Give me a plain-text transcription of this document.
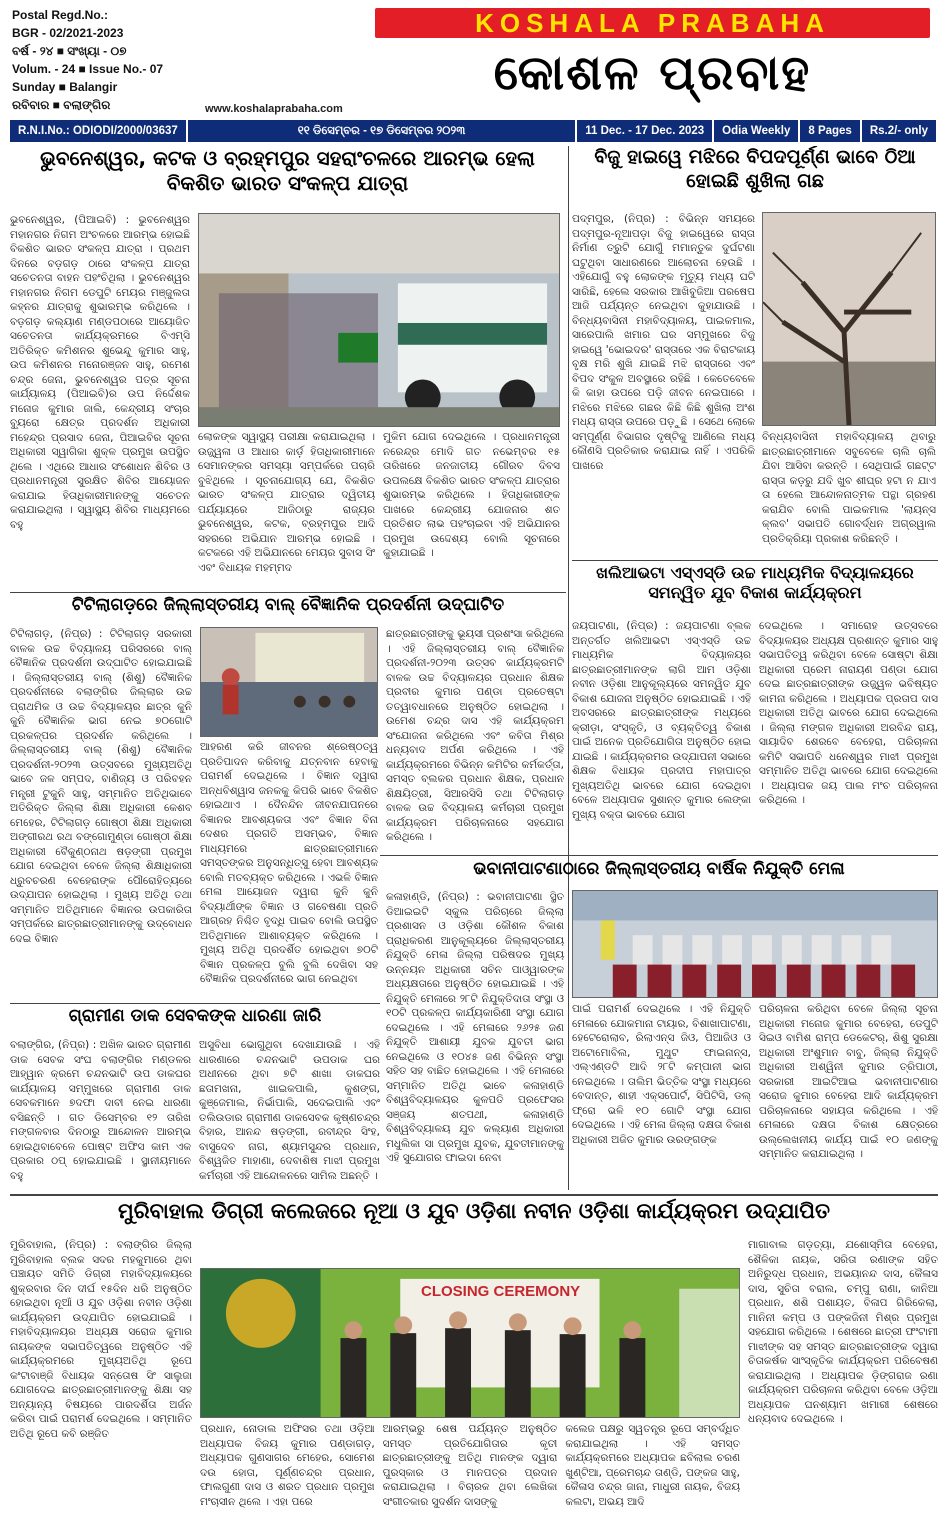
Postal Regd.No.:
BGR - 02/2021-2023
ବର୍ଷ - ୨୪ ■ ସଂଖ୍ୟା - ୦୭
Volum. - 24 ■ Issue No.- 07
Sunday ■ Balangir
ରବିବାର ■ ବଲାଙ୍ଗିର
KOSHALA PRABAHA
କୋଶଳ ପ୍ରବାହ
www.koshalaprabaha.com
R.N.I.No.: ODIODI/2000/03637	୧୧ ଡିସେମ୍ବର - ୧୭ ଡିସେମ୍ବର ୨୦୨୩	11 Dec. - 17 Dec. 2023	Odia Weekly	8 Pages	Rs.2/- only
ଭୁବନେଶ୍ୱର, କଟକ ଓ ବ୍ରହ୍ମପୁର ସହରାଂଚଳରେ ଆରମ୍ଭ ହେଲା ବିକଶିତ ଭାରତ ସଂକଳ୍ପ ଯାତ୍ରା
ଭୁବନେଶ୍ୱର, (ପିଆଇବି) : ଭୁବନେଶ୍ୱର ମହାନଗର ନିଗମ ଅଂଚଳରେ ଆରମ୍ଭ ହୋଇଛି ବିକଶିତ ଭାରତ ସଂକଳ୍ପ ଯାତ୍ରା । ପ୍ରଥମ ଦିନରେ ବଡ଼ଗଡ଼ ଠାରେ ସଂକଳ୍ପ ଯାତ୍ରା ସଚେତନତା ବାହନ ପହଂଚିଥିଲା । ଭୁବନେଶ୍ୱର ମହାନଗର ନିଗମ ଡେପୁଟି ମେୟର ମଞ୍ଜୁଲତା କହ୍ନର ଯାତ୍ରାକୁ ଶୁଭାରମ୍ଭ କରିଥିଲେ । ବଡ଼ଗଡ଼ କଲ୍ୟାଣ ମଣ୍ଡପଠାରେ ଆୟୋଜିତ ସଚେତନତା କାର୍ଯ୍ୟକ୍ରମରେ ବିଏମ୍‌ସି ଅତିରିକ୍ତ କମିଶନର ଶୁଭେନ୍ଦୁ କୁମାର ସାହୁ, ଉପ କମିଶନର ମନୋରଞ୍ଜନ ସାହୁ, ରମେଶ ଚନ୍ଦ୍ର ଜେନା, ଭୁବନେଶ୍ୱର ପତ୍ର ସୂଚନା କାର୍ଯ୍ୟାଳୟ (ପିଆଇବି)ର ଉପ ନିର୍ଦ୍ଦେଶକ ମନୋଜ କୁମାର ଜାଲି, କେନ୍ଦ୍ରୀୟ ସଂଚାର ବ୍ୟୁରୋ କ୍ଷେତ୍ର ପ୍ରଦର୍ଶନ ଅଧିକାରୀ ମହେନ୍ଦ୍ର ପ୍ରସାଦ ଜେନା, ପିଆଇବିର ସୂଚନା ଅଧିକାରୀ ସ୍ୱାଗିକା ଶୁକ୍ଳ ପ୍ରମୁଖ ଉପସ୍ଥିତ ଥିଲେ । ଏଥିରେ ଆଧାର ସଂଶୋଧନ ଶିବିର ଓ ପ୍ରଧାନମନ୍ତ୍ରୀ ସୁରକ୍ଷିତ ଶିବିର ଆୟୋଜନ କରାଯାଇ ହିତାଧିକାରୀମାନଙ୍କୁ ସଚେତନ କରାଯାଇଥିଲା । ସ୍ୱାସ୍ଥ୍ୟ ଶିବିର ମାଧ୍ୟମରେ ବହୁ
ଲୋକଙ୍କ ସ୍ୱାସ୍ଥ୍ୟ ପରୀକ୍ଷା କରାଯାଇଥିଲା । ଉଜ୍ଜ୍ୱଳା ଓ ଆଧାର କାର୍ଡ଼ ହିତାଧିକାରୀମାନେ ସେମାନଙ୍କର ସମସ୍ୟା ସମ୍ପର୍କରେ ପଚାରି ବୁଝିଥିଲେ । ସୂଚନାଯୋଗ୍ୟ ଯେ, ବିକଶିତ ଭାରତ ସଂକଳ୍ପ ଯାତ୍ରାର ଦ୍ୱିତୀୟ ପର୍ଯ୍ୟାୟରେ ଆଜିଠାରୁ ରାଜ୍ୟର ଭୁବନେଶ୍ୱର, କଟକ, ବ୍ରହ୍ମପୁର ଆଦି ସହରରେ ଅଭିଯାନ ଆରମ୍ଭ ହୋଇଛି । କଟକରେ ଏହି ଅଭିଯାନରେ ମେୟର ସୁବାସ ସିଂ ଏବଂ ବିଧାୟକ ମହମ୍ମଦ
ମୁକିମ ଯୋଗ ଦେଇଥିଲେ । ପ୍ରଧାନମନ୍ତ୍ରୀ ନରେନ୍ଦ୍ର ମୋଦି ଗତ ନଭେମ୍ବର ୧୫ ତାରିଖରେ ଜନଜାତୀୟ ଗୌରବ ଦିବସ ଉପଲକ୍ଷେ ବିକଶିତ ଭାରତ ସଂକଳ୍ପ ଯାତ୍ରାର ଶୁଭାରମ୍ଭ କରିଥିଲେ । ହିତାଧିକାରୀଙ୍କ ପାଖରେ କେନ୍ଦ୍ରୀୟ ଯୋଜନାର ଶତ ପ୍ରତିଶତ ଲାଭ ପହଂଚାଇବା ଏହି ଅଭିଯାନର ପ୍ରମୁଖ ଉଦ୍ଦେଶ୍ୟ ବୋଲି ସୂଚନାରେ କୁହାଯାଇଛି ।
ବିଜୁ ହାଇୱେ ମଝିରେ ବିପଦପୂର୍ଣ୍ଣ ଭାବେ ଠିଆ ହୋଇଛି ଶୁଖିଲା ଗଛ
ପଦ୍ମପୁର, (ନିପ୍ର) : ବିଭିନ୍ନ ସମୟରେ ପଦ୍ମପୁର-ନୂଆପଡ଼ା ବିଜୁ ହାଇୱେରେ ରାସ୍ତା ନିର୍ମାଣ ତ୍ରୁଟି ଯୋଗୁଁ ମମାନ୍ତୁକ ଦୁର୍ଘଟଣା ଘଟୁଥିବା ସାଧାରଣରେ ଆଲୋଚନା ହେଉଛି । ଏହିଯୋଗୁଁ ବହୁ ଲୋକଙ୍କ ମୃତ୍ୟୁ ମଧ୍ୟ ଘଟି ସାରିଛି, ହେଲେ ସରକାର ଆଖିବୁଜିଆ ପରଷେପ ଆଜି ପର୍ଯ୍ୟନ୍ତ ନେଇଥିବା କୁହାଯାଉଛି । ବିନ୍ଧ୍ୟବାସିନୀ ମହାବିଦ୍ୟାଳୟ, ପାଇକମାଲ, ସାରେପାଲି ଖମାର ଘର ସମ୍ମୁଖରେ ବିଜୁ ହାଇୱେ 'ଭୋଇଦର' ରାସ୍ତାରେ ଏକ ବିରାଟକାୟ ବୃକ୍ଷ ମରି ଶୁଖି ଯାଇଛି ମଝି ରାସ୍ତାରେ ଏବଂ ବିପଦ ସଂକୁଳ ଅବସ୍ଥାରେ ରହିଛି । କେତେବେଳେ କି କାହା ଉପରେ ପଡ଼ି ଜୀବନ ନେଇପାରେ । ମଝିରେ ମଝିରେ ଗଛର କିଛି କିଛି ଶୁଖିଲା ଅଂଶ ମଧ୍ୟ ରାସ୍ତା ଉପରେ ପଡ଼ୁଛି । ସେଥେ ଲୋକେ ସମ୍ପୂର୍ଣ୍ଣ ବିଭାଗର ଦୃଷ୍ଟିକୁ ଆଣିଲେ ମଧ୍ୟ କୌଣସି ପ୍ରତିକାର କରାଯାଇ ନାହିଁ । ଏପରିକି ପାଖରେ
ବିନ୍ଧ୍ୟବାସିନୀ ମହାବିଦ୍ୟାଳୟ ଥିବାରୁ ଛାତ୍ରଛାତ୍ରୀମାନେ ସବୁବେଳେ ଚାଲି ଚାଲି ଯିବା ଆସିବା କରନ୍ତି । ସେଥିପାଇଁ ଗଛଟ୍ଟ ରାସ୍ତା କଡ଼ରୁ ଯଦି ଖୁବ ଶୀଘ୍ର ହଟା ନ ଯାଏ ତା ହେଲେ ଆନ୍ଦୋଳନାତ୍ମକ ପନ୍ଥା ଗ୍ରହଣ କରାଯିବ ବୋଲି ପାଇକମାଲ 'ଲାୟନ୍ସ କ୍ଲବ' ସଭାପତି ଗୋବର୍ଦ୍ଧନ ଅଗ୍ରୱାଲ ପ୍ରତିକ୍ରିୟା ପ୍ରକାଶ କରିଛନ୍ତି ।
ଖଲିଆଭଟା ଏସ୍‌ଏସ୍‌ଡି ଉଚ୍ଚ ମାଧ୍ୟମିକ ବିଦ୍ୟାଳୟରେ ସମନ୍ୱିତ ଯୁବ ବିକାଶ କାର୍ଯ୍ୟକ୍ରମ
ଜୟପାଟଣା, (ନିପ୍ର) : ଜୟପାଟଣା ବ୍ଲକ ଅନ୍ତର୍ଗତ ଖଲିଆଭଟା ଏସ୍‌ଏସ୍‌ଡି ଉଚ୍ଚ ମାଧ୍ୟମିକ ବିଦ୍ୟାଳୟର ଛାତ୍ରଛାତ୍ରୀମାନଙ୍କ ଲାଗି ଆମ ଓଡ଼ିଶା ନବୀନ ଓଡ଼ିଶା ଆନୁକୂଲ୍ୟରେ ସମନ୍ୱିତ ଯୁବ ବିକାଶ ଯୋଜନା ଅନୁଷ୍ଠିତ ହୋଇଯାଇଛି । ଏହି ଅବସରରେ ଛାତ୍ରଛାତ୍ରୀଙ୍କ ମଧ୍ୟରେ କ୍ରୀଡ଼ା, ସଂସ୍କୃତି, ଓ ବ୍ୟକ୍ତିତ୍ୱ ବିକାଶ ପାଇଁ ଅନେକ ପ୍ରତିଯୋଗିତା ଅନୁଷ୍ଠିତ ହୋଇ ଯାଇଛି । କାର୍ଯ୍ୟକ୍ରମର ଉଦ୍‌ଯାପନୀ ସଭାରେ ଶିକ୍ଷକ ବିଧାୟକ ପ୍ରଦୀପ ମହାପାତ୍ର ମୁଖ୍ୟଅତିଥି ଭାବରେ ଯୋଗ ଦେଇଥିବା ବେଳେ ଅଧ୍ୟାପକ ସୁଶାନ୍ତ କୁମାର ଲେଙ୍କା ମୁଖ୍ୟ ବକ୍ତା ଭାବରେ ଯୋଗ
ଦେଇଥିଲେ । ସମାରୋହ ଉତ୍ସବରେ ବିଦ୍ୟାଳୟର ଅଧ୍ୟକ୍ଷ ପ୍ରଶାନ୍ତ କୁମାର ସାହୁ ସଭାପତିତ୍ୱ କରିଥିବା ବେଳେ ସୋଷ୍ଟା ଶିକ୍ଷା ଅଧିକାରୀ ପ୍ରେମ ନାରାୟଣ ପଣ୍ଡା ଯୋଗ ଦେଇ ଛାତ୍ରଛାତ୍ରୀଙ୍କ ଉଜ୍ଜ୍ୱଳ ଭବିଷ୍ୟତ କାମନା କରିଥିଲେ । ଅଧ୍ୟାପକ ପ୍ରତାପ ଦାସ ଅଧିକାରୀ ଅତିଥି ଭାବରେ ଯୋଗ ଦେଇଥିଲେ । ଜିଲ୍ଲା ମଙ୍ଗଳ ଅଧିକାରୀ ଅରବିନ୍ଦ ରାୟ, ସାୟାଦିବ ଶେରବେ ବେହେରା, ପରିଚାଳନା କମିଟି ସଭାପତି ଧନେଶ୍ୱର ମାଝୀ ପ୍ରମୁଖ ସମ୍ମାନିତ ଅତିଥି ଭାବରେ ଯୋଗ ଦେଇଥିଲେ । ଅଧ୍ୟାପକ ଜୟ ପାଲ ମଂଚ ପରିଚାଳନା କରିଥିଲେ ।
ଟିଟିଲାଗଡ଼ରେ ଜିଲ୍ଲାସ୍ତରୀୟ ବାଲ୍ ବୈଜ୍ଞାନିକ ପ୍ରଦର୍ଶନୀ ଉଦ୍‌ଘାଟିତ
ଟିଟିଲାଗଡ଼, (ନିପ୍ର) : ଟିଟିଲାଗଡ଼ ସରକାରୀ ବାଳକ ଉଚ୍ଚ ବିଦ୍ୟାଳୟ ପରିସରରେ ବାଲ୍ ବୈଜ୍ଞାନିକ ପ୍ରଦର୍ଶନୀ ଉଦ୍‌ଘାଟିତ ହୋଇଯାଇଛି । ଜିଲ୍ଲାସ୍ତରୀୟ ବାଲ୍ (ଶିଶୁ) ବୈଜ୍ଞାନିକ ପ୍ରଦର୍ଶନୀରେ ବଲାଙ୍ଗିର ଜିଲ୍ଲାର ଉଚ୍ଚ ପ୍ରାଥମିକ ଓ ଉଚ୍ଚ ବିଦ୍ୟାଳୟର ଛାତ୍ର କୁନି କୁନି ବୈଜ୍ଞାନିକ ଭାଗ ନେଇ ୭୦ଗୋଟି ପ୍ରକଳ୍ପର ପ୍ରଦର୍ଶନ କରିଥିଲେ । ଜିଲ୍ଲାସ୍ତରୀୟ ବାଲ୍ (ଶିଶୁ) ବୈଜ୍ଞାନିକ ପ୍ରଦର୍ଶନୀ-୨୦୨୩ ଉତ୍ସବରେ ମୁଖ୍ୟଅତିଥି ଭାବେ ଜଳ ସମ୍ପଦ, ବାଣିଜ୍ୟ ଓ ପରିବହନ ମନ୍ତ୍ରୀ ଟୁକୁନି ସାହୁ, ସମ୍ମାନିତ ଅତିଥିଭାବେ ଅତିରିକ୍ତ ଜିଲ୍ଲା ଶିକ୍ଷା ଅଧିକାରୀ କେଶବ ମେହେର, ଟିଟିଲାଗଡ଼ ଗୋଷ୍ଠୀ ଶିକ୍ଷା ଅଧିକାରୀ ଅଙ୍ଗୀରଥ ରଥ ବଙ୍ଗୋମୁଣ୍ଡା ଗୋଷ୍ଠୀ ଶିକ୍ଷା ଅଧିକାରୀ ବୈକୁଣ୍ଠନାଥ ଷଡ଼ଙ୍ଗୀ ପ୍ରମୁଖ ଯୋଗ ଦେଇଥିବା ବେଳେ ଜିଲ୍ଲା ଶିକ୍ଷାଧିକାରୀ ଧ୍ରୁବଚରଣ ବେହେରାଙ୍କ ପୌରୋହିତ୍ୟରେ ଉଦ୍‌ଯାପନ ହୋଇଥିଲା । ମୁଖ୍ୟ ଅତିଥି ତଥା ସମ୍ମାନିତ ଅତିଥିମାନେ ବିଜ୍ଞାନର ଉପକାରିତା ସମ୍ପର୍କରେ ଛାତ୍ରଛାତ୍ରୀମାନଙ୍କୁ ଉଦ୍‌ବୋଧନ ଦେଇ ବିଜ୍ଞାନ
ଆହରଣ କରି ଜୀବନର ଶ୍ରେଷ୍ଠତ୍ୱ ପ୍ରତିପାଦନ କରିବାକୁ ଯତ୍ନବାନ ହେବାକୁ ପରାମର୍ଶ ଦେଇଥିଲେ । ବିଜ୍ଞାନ ଦ୍ୱାରା ଅନ୍ଧବିଶ୍ୱାସ ଜନକକୁ କିପରି ଭାବେ ବିକଶିତ ହୋଇଥାଏ । ଦୈନନ୍ଦିନ ଜୀବନଯାପନରେ ବିଜ୍ଞାନର ଆବଶ୍ୟକତା ଏବଂ ବିଜ୍ଞାନ ବିନା ଦେଶର ପ୍ରଗତି ଅସମ୍ଭବ, ବିଜ୍ଞାନ ମାଧ୍ୟମରେ ଛାତ୍ରଛାତ୍ରୀମାନେ ସମସ୍ତଙ୍କର ଅନୁସନ୍ଧିତ୍ସୁ ହେବା ଆବଶ୍ୟକ ବୋଲି ମତବ୍ୟକ୍ତ କରିଥିଲେ । ଏଭଳି ବିଜ୍ଞାନ ମେଳା ଆୟୋଜନ ଦ୍ୱାରା କୁନି କୁନି ବିଦ୍ୟାର୍ଥୀଙ୍କ ବିଜ୍ଞାନ ଓ ଗବେଷଣା ପ୍ରତି ଆଗ୍ରହ ନିଶ୍ଚିତ ବୃଦ୍ଧି ପାଇବ ବୋଲି ଉପସ୍ଥିତ ଅତିଥିମାନେ ଆଶାବ୍ୟକ୍ତ କରିଥିଲେ । ମୁଖ୍ୟ ଅତିଥି ପ୍ରଦର୍ଶିତ ହୋଇଥିବା ୭୦ଟି ବିଜ୍ଞାନ ପ୍ରକଳ୍ପ ବୁଲି ବୁଲି ଦେଖିବା ସହ ବୈଜ୍ଞାନିକ ପ୍ରଦର୍ଶନୀରେ ଭାଗ ନେଇଥିବା
ଛାତ୍ରଛାତ୍ରୀଙ୍କୁ ଭୂୟସୀ ପ୍ରଶଂସା କରିଥିଲେ । ଏହି ଜିଲ୍ଲାସ୍ତରୀୟ ବାଲ୍ ବୈଜ୍ଞାନିକ ପ୍ରଦର୍ଶନୀ-୨୦୨୩ ଉତ୍ସବ କାର୍ଯ୍ୟକ୍ରମଟି ବାଳକ ଉଚ୍ଚ ବିଦ୍ୟାଳୟର ପ୍ରଧାନ ଶିକ୍ଷକ ପ୍ରବୀର କୁମାର ପଣ୍ଡା ପ୍ରତେଷ୍ଟା ତତ୍ୱାବଧାନରେ ଅନୁଷ୍ଠିତ ହୋଇଥିଲା । ଉମେଶ ଚନ୍ଦ୍ର ଦାସ ଏହି କାର୍ଯ୍ୟକ୍ରମ ସଂଯୋଜନା କରିଥିଲେ ଏବଂ କବିତା ମିଶ୍ର ଧନ୍ୟବାଦ ଅର୍ପଣ କରିଥିଲେ । ଏହି କାର୍ଯ୍ୟକ୍ରମରେ ବିଭିନ୍ନ କମିଟିର କର୍ମକର୍ତ୍ତା, ସମସ୍ତ ବ୍ଲକର ପ୍ରଧାନ ଶିକ୍ଷକ, ପ୍ରଧାନ ଶିକ୍ଷୟିତ୍ରୀ, ସିଆରସିସି ତଥା ଟିଟିଲାଗଡ଼ ବାଳକ ଉଚ୍ଚ ବିଦ୍ୟାଳୟ କର୍ମଚାରୀ ପ୍ରମୁଖ କାର୍ଯ୍ୟକ୍ରମ ପରିଚାଳନାରେ ସହଯୋଗ କରିଥିଲେ ।
ଭବାନୀପାଟଣାଠାରେ ଜିଲ୍ଲାସ୍ତରୀୟ ବାର୍ଷିକ ନିଯୁକ୍ତି ମେଳା
କଳାହାଣ୍ଡି, (ନିପ୍ର) : ଭବାନୀପାଟଣା ସ୍ଥିତ ଡିଆଇଇଟି ସ୍କୁଲ ପରିଚାରେ ଜିଲ୍ଲା ପ୍ରଶାସନ ଓ ଓଡ଼ିଶା କୌଶଳ ବିକାଶ ପ୍ରାଧିକରଣ ଆନୁକୂଲ୍ୟରେ ଜିଲ୍ଲାସ୍ତରୀୟ ନିଯୁକ୍ତି ମେଳା ଜିଲ୍ଲା ପରିଷଦର ମୁଖ୍ୟ ଉନ୍ନୟନ ଅଧିକାରୀ ସଚିନ ପାଓ୍ୱାରଙ୍କ ଅଧ୍ୟକ୍ଷତାରେ ଅନୁଷ୍ଠିତ ହୋଇଯାଇଛି । ଏହି ନିଯୁକ୍ତି ମେଳାରେ ୨୮ଟି ନିଯୁକ୍ତିଦାତା ସଂସ୍ଥା ଓ ୧୦ଟି ପ୍ରକଳ୍ପ କାର୍ଯ୍ୟକାରିଣୀ ସଂସ୍ଥା ଯୋଗ ଦେଇଥିଲେ । ଏହି ମେଳାରେ ୨୬୨୫ ଜଣ ନିଯୁକ୍ତି ଆଶାୟୀ ଯୁବକ ଯୁବତୀ ଭାଗ ନେଇଥିଲେ ଓ ୧୦୪୫ ଜଣ ବିଭିନ୍ନ ସଂସ୍ଥା ସହିତ ସହ ବାଛିତ ହୋଇଥିଲେ । ଏହି ମେଳାରେ ସମ୍ମାନିତ ଅତିଥି ଭାବେ କଳାହାଣ୍ଡି ବିଶ୍ୱବିଦ୍ୟାଳୟର କୁଳପତି ପ୍ରଫେସର ସଞ୍ଜୟ ଶତପଥୀ, କଳାହାଣ୍ଡି ବିଶ୍ୱବିଦ୍ୟାଳୟ ଯୁବ କଲ୍ୟାଣ ଅଧିକାରୀ ମଧୁଲିକା ସା ପ୍ରମୁଖ ଯୁବକ, ଯୁବତୀମାନଙ୍କୁ ଏହି ସୁଯୋଗର ଫାଇଦା ନେବା
ପାଇଁ ପରାମର୍ଶ ଦେଇଥିଲେ । ଏହି ନିଯୁକ୍ତି ମେଳାରେ ଯୋକମାନା ଟାୟାର, ବିଶାଖାପାଟଣା, ହେଟେରୋଲାବ, ରିଲାଏନ୍ସ ଜିଓ, ପିଆଜିଓ ଓ ଅଟୋମୋବିଲ, ମୁଥୁଟ ଫାଇନାନ୍ସ, ଏଲ୍‌ଏଣ୍ଡଟି ଆଦି ୨୮ଟି କମ୍ପାନୀ ଭାଗ ନେଇଥିଲେ । ତାଲିମ ଭିତ୍ତିକ ସଂସ୍ଥା ମଧ୍ୟରେ ବେଦାନ୍ତ, ଶାହୀ ଏକ୍ସପୋର୍ଟ, ସିପିଟିସି, ଡଲ୍ ଫ୍ରୋ ଭଳି ୧୦ ଗୋଟି ସଂସ୍ଥା ଯୋଗ ଦେଇଥିଲେ । ଏହି ମେଳା ଜିଲ୍ଲା ଦକ୍ଷତା ବିକାଶ ଅଧିକାରୀ ଅଜିତ କୁମାର ଉରଙ୍ଗଙ୍କ
ପରିଚାଳନା କରିଥିବା ବେଳେ ଜିଲ୍ଲା ସୂଚନା ଅଧିକାରୀ ମନୋଜ କୁମାର ବେହେରା, ଡେପୁଟି ସିଇଓ ବାମିଶ ରାମ୍ପ ଡେକେଟର୍, ଶିଶୁ ସୁରକ୍ଷା ଅଧିକାରୀ ଅଂଶୁମାନ ବାବୁ, ଜିଲ୍ଲା ନିଯୁକ୍ତି ଅଧିକାରୀ ଅଶ୍ୱିନୀ କୁମାର ତ୍ରିପାଠୀ, ସରକାରୀ ଆଇଟିଆଇ ଭବାନୀପାଟଣାର ସରୋଜ କୁମାର ବେହେରା ଆଦି କାର୍ଯ୍ୟକ୍ରମ ପରିଚାଳନାରେ ସହାୟତା କରିଥିଲେ । ଏହି ମେଳାରେ ଦକ୍ଷତା ବିକାଶ କ୍ଷେତ୍ରରେ ଉଲ୍ଲେଖନୀୟ କାର୍ଯ୍ୟ ପାଇଁ ୧୦ ଜଣଙ୍କୁ ସମ୍ମାନିତ କରାଯାଇଥିଲା ।
ଗ୍ରାମୀଣ ଡାକ ସେବକଙ୍କ ଧାରଣା ଜାରି
ବଲାଙ୍ଗିର, (ନିପ୍ର) : ଅଖିଳ ଭାରତ ଗ୍ରାମୀଣ ଡାକ ସେବକ ସଂଘ ବଲାଙ୍ଗିର ମଣ୍ଡଳର ଆହ୍ୱାନ କ୍ରମେ ଚନ୍ଦନଭାଟି ଉପ ଡାକଘର କାର୍ଯ୍ୟାଳୟ ସମ୍ମୁଖରେ ଗ୍ରାମୀଣ ଡାକ ସେବକମାନେ ୭ଦଫା ଦାବୀ ନେଇ ଧାରଣା ବସିଛନ୍ତି । ଗତ ଡିସେମ୍ବର ୧୨ ତାରିଖ ମଙ୍ଗଳବାର ଦିନଠାରୁ ଆନ୍ଦୋଳନ ଆରମ୍ଭ ହୋଇଥିବାବେଳେ ପୋଷ୍ଟ ଅଫିସ କାମ ଏକ ପ୍ରକାର ଠପ୍ ହୋଇଯାଇଛି । ସ୍ଥାନୀୟମାନେ ବହୁ
ଅସୁବିଧା ଭୋଗୁଥିବା ଦେଖାଯାଉଛି । ଏହି ଧାରଣାରେ ଚନ୍ଦନଭାଟି ଉପଡାକ ଘର ଅଧୀନରେ ଥିବା ୭ଟି ଶାଖା ଡାକଘର ଛତାମଖନା, ଖାଇକପାଲି, କୁଶଙ୍ଗ, କୁଞ୍ଜେମାଲ, ନିର୍ଭାପାଲି, ସଦେଇପାଲି ଏବଂ ତଲିଉଡାର ଗ୍ରାମୀଣ ଡାକସେବକ କୃଷ୍ଣଚନ୍ଦ୍ର ବିହାର, ଆନନ୍ଦ ଷଡ଼ଙ୍ଗୀ, ରବୀନ୍ଦ୍ର ସିଂହ, ବାସୁଦେବ ନାଗ, ଶ୍ୟାମସୁନ୍ଦର ପ୍ରଧାନ, ବିଶ୍ୱଜିତ ମାହାଣା, ଦେବାଶିଷ ମାଝୀ ପ୍ରମୁଖ କର୍ମଚାରୀ ଏହି ଆନ୍ଦୋଳନରେ ସାମିଲ ଅଛନ୍ତି ।
ମୁରିବାହାଲ ଡିଗ୍ରୀ କଲେଜରେ ନୂଆ ଓ ଯୁବ ଓଡ଼ିଶା ନବୀନ ଓଡ଼ିଶା କାର୍ଯ୍ୟକ୍ରମ ଉଦ୍‌ଯାପିତ
CLOSING CEREMONY
ମୁରିବାହାଲ, (ନିପ୍ର) : ବଲାଙ୍ଗିର ଜିଲ୍ଲା ମୁରିବାହାଲ ବ୍ଲକ ସଦର ମହକୁମାରେ ଥିବା ପଞ୍ଚାୟତ ସମିତି ଡିଗ୍ରୀ ମହାବିଦ୍ୟାଳୟରେ ଶୁକ୍ରବାର ଦିନ ଦୀର୍ଘ ୧୫ଦିନ ଧରି ଅନୁଷ୍ଠିତ ହୋଇଥିବା ନୂଆଁ ଓ ଯୁବ ଓଡ଼ିଶା ନବୀନ ଓଡ଼ିଶା କାର୍ଯ୍ୟକ୍ରମ ଉଦ୍‌ଯାପିତ ହୋଇଯାଇଛି । ମହାବିଦ୍ୟାଳୟର ଅଧ୍ୟକ୍ଷ ସରୋଜ କୁମାର ନାୟକଙ୍କ ସଭାପତିତ୍ୱରେ ଅନୁଷ୍ଠିତ ଏହି କାର୍ଯ୍ୟକ୍ରମରେ ମୁଖ୍ୟଅତିଥି ରୂପେ କଂଟାବାଞ୍ଜି ବିଧାୟକ ସନ୍ତୋଷ ସିଂ ସାଲୁଜା ଯୋଗଦେଇ ଛାତ୍ରଛାତ୍ରୀମାନଙ୍କୁ ଶିକ୍ଷା ସହ ଅନ୍ୟାନ୍ୟ ବିଷୟରେ ପାରଦର୍ଶିତା ଅର୍ଜନ କରିବା ପାଇଁ ପରାମର୍ଶ ଦେଇଥିଲେ । ସମ୍ମାନିତ ଅତିଥି ରୂପେ କବି ରଞ୍ଜିତ	ପ୍ରଧାନ, ନୋଡାଲ ଅଫିସର ତଥା ଓଡ଼ିଆ ଅଧ୍ୟାପକ ବିଜୟ କୁମାର ପଣ୍ଡାଗଡ଼, ଅଧ୍ୟାପକ ଗୁଣସାଗର ମେହେର, ସୋମେଶ ଦଉ ହୋତା, ପୂର୍ଣ୍ଣଚନ୍ଦ୍ର ପ୍ରଧାନ, ଫାଲଗୁଣୀ ଦାସ ଓ ଶରତ ପ୍ରଧାନ ପ୍ରମୁଖ ମଂଚାସୀନ ଥିଲେ । ଏହା ପରେ
ଆରମ୍ଭରୁ ଶେଷ ପର୍ଯ୍ୟନ୍ତ ଅନୁଷ୍ଠିତ ସମସ୍ତ ପ୍ରତିଯୋଗିତାର କୃତୀ ଛାତ୍ରଛାତ୍ରୀଙ୍କୁ ଅତିଥି ମାନଙ୍କ ଦ୍ୱାରା ପୁରସ୍କାର ଓ ମାନପତ୍ର ପ୍ରଦାନ କରାଯାଇଥିଲା । ବିଚାରକ ଥିବା ଲେଖିକା ସଂଗୀତକାର ସୁଦର୍ଶନ ଦାସଙ୍କୁ
କଲେଜ ପକ୍ଷରୁ ସ୍ୱତନ୍ତ୍ର ରୂପେ ସମ୍ବର୍ଦ୍ଧିତ କରାଯାଇଥିଲା । ଏହି ସମସ୍ତ କାର୍ଯ୍ୟକ୍ରମରେ ଅଧ୍ୟାପକ ଛବିଲାଲ ଚରଣ ଖୁଣ୍ଟିଆ, ପ୍ରେମଚାନ୍ଦ ତାଣ୍ଡି, ପଙ୍କଜ ସାହୁ, କୈଳାସ ଚନ୍ଦ୍ର ଜାନା, ମାଧୁରୀ ନାୟକ, ବିଜୟ କଲଟା, ଅଭୟ ଆଦି
ମାଗାବାଲ ଗଡ଼ତ୍ୟା, ଯଶୋସ୍ମିତା ବେହେରା, ଶୈଳିକା ନାୟକ, ସରିତା ରଣାଙ୍କ ସହିତ ଅନିରୁଦ୍ଧ ପ୍ରଧାନ, ଅଭୟାନନ୍ଦ ଦାସ, କୈଳାସ ଦାସ, ସୁଚିତା ବରାଲ, ଚମ୍ପୁ ରାଣା, କାନିଆ ପ୍ରଧାନ, ଶଶି ପଶାୟତ, ବିଳାପ ଗିରିକେଲା, ମାନିନୀ କମ୍ପ ଓ ପଙ୍କଜିନୀ ମିଶ୍ର ପ୍ରମୁଖ ସହଯୋଗ କରିଥିଲେ । ଶେଷରେ ଛାତ୍ରୀ ଫଂଟାମୀ ମାଝୀଙ୍କ ସହ ସମସ୍ତ ଛାତ୍ରଛାତ୍ରୀଙ୍କ ଦ୍ୱାରା ଚିତାକର୍ଷକ ସାଂସ୍କୃତିକ କାର୍ଯ୍ୟକ୍ରମ ପରିବେଷଣ କରାଯାଇଥିଲା । ଅଧ୍ୟାପକ ଡ଼ିଙ୍ଗରାଜ ରଣା କାର୍ଯ୍ୟକ୍ରମ ପରିଚାଳନା କରିଥିବା ବେଳେ ଓଡ଼ିଆ ଅଧ୍ୟାପକ ଘନଶ୍ୟାମ ଖମାରୀ ଶେଷରେ ଧନ୍ୟବାଦ ଦେଇଥିଲେ ।
